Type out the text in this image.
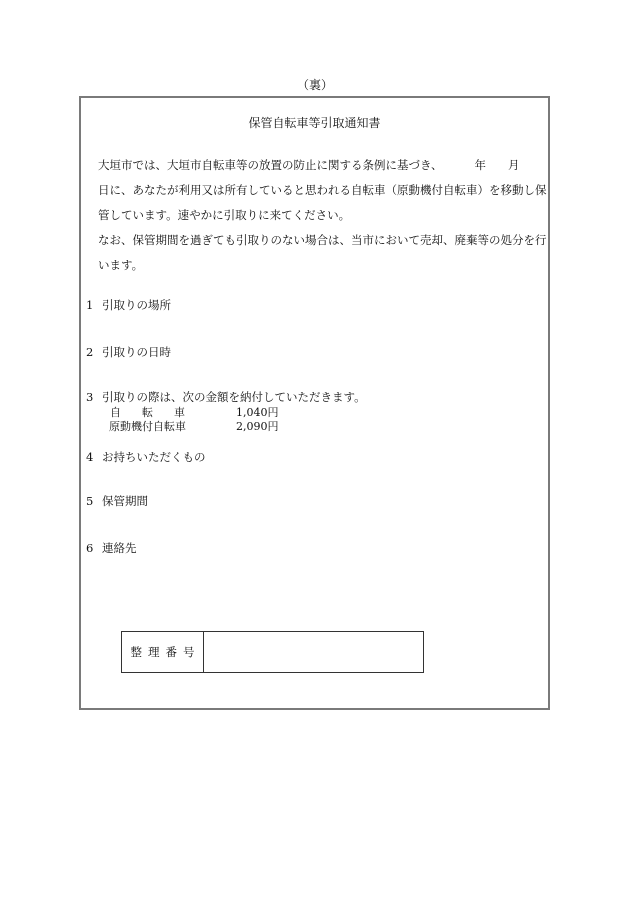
（裏）
保管自転車等引取通知書

大垣市では、大垣市自転車等の放置の防止に関する条例に基づき、	年 月日に、あなたが利用又は所有していると思われる自転車（原動機付自転車）を移動し保管しています。速やかに引取りに来てください。

なお、保管期間を過ぎても引取りのない場合は、当市において売却、廃棄等の処分を行います。

1 引取りの場所
2 引取りの日時
3 引取りの際は、次の金額を納付していただきます。
自転車	1,040円
原動機付自転車	2,090円
4 お持ちいただくもの
5 保管期間
6 連絡先
整理番号
